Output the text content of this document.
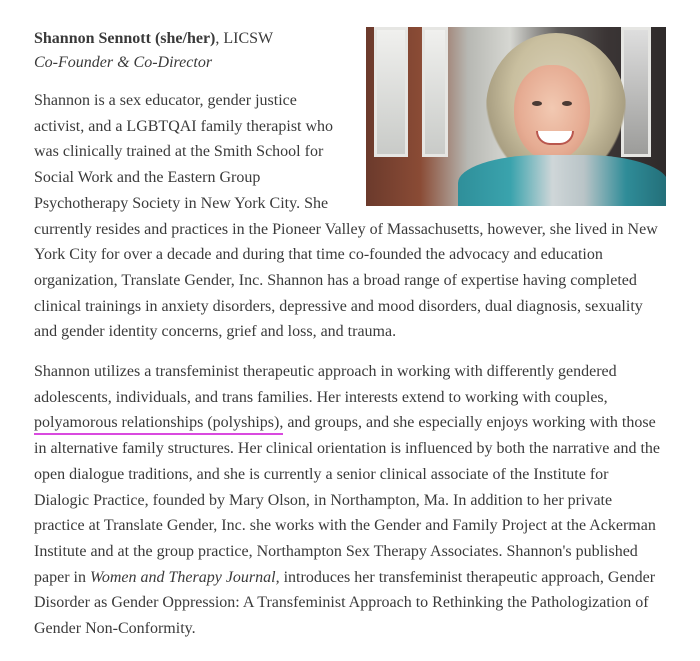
Shannon Sennott (she/her), LICSW

Co-Founder & Co-Director

Shannon is a sex educator, gender justice activist, and a LGBTQAI family therapist who was clinically trained at the Smith School for Social Work and the Eastern Group Psychotherapy Society in New York City. She currently resides and practices in the Pioneer Valley of Massachusetts, however, she lived in New York City for over a decade and during that time co-founded the advocacy and education organization, Translate Gender, Inc. Shannon has a broad range of expertise having completed clinical trainings in anxiety disorders, depressive and mood disorders, dual diagnosis, sexuality and gender identity concerns, grief and loss, and trauma.

Shannon utilizes a transfeminist therapeutic approach in working with differently gendered adolescents, individuals, and trans families. Her interests extend to working with couples, polyamorous relationships (polyships), and groups, and she especially enjoys working with those in alternative family structures. Her clinical orientation is influenced by both the narrative and the open dialogue traditions, and she is currently a senior clinical associate of the Institute for Dialogic Practice, founded by Mary Olson, in Northampton, Ma. In addition to her private practice at Translate Gender, Inc. she works with the Gender and Family Project at the Ackerman Institute and at the group practice, Northampton Sex Therapy Associates. Shannon's published paper in Women and Therapy Journal, introduces her transfeminist therapeutic approach, Gender Disorder as Gender Oppression: A Transfeminist Approach to Rethinking the Pathologization of Gender Non-Conformity.
